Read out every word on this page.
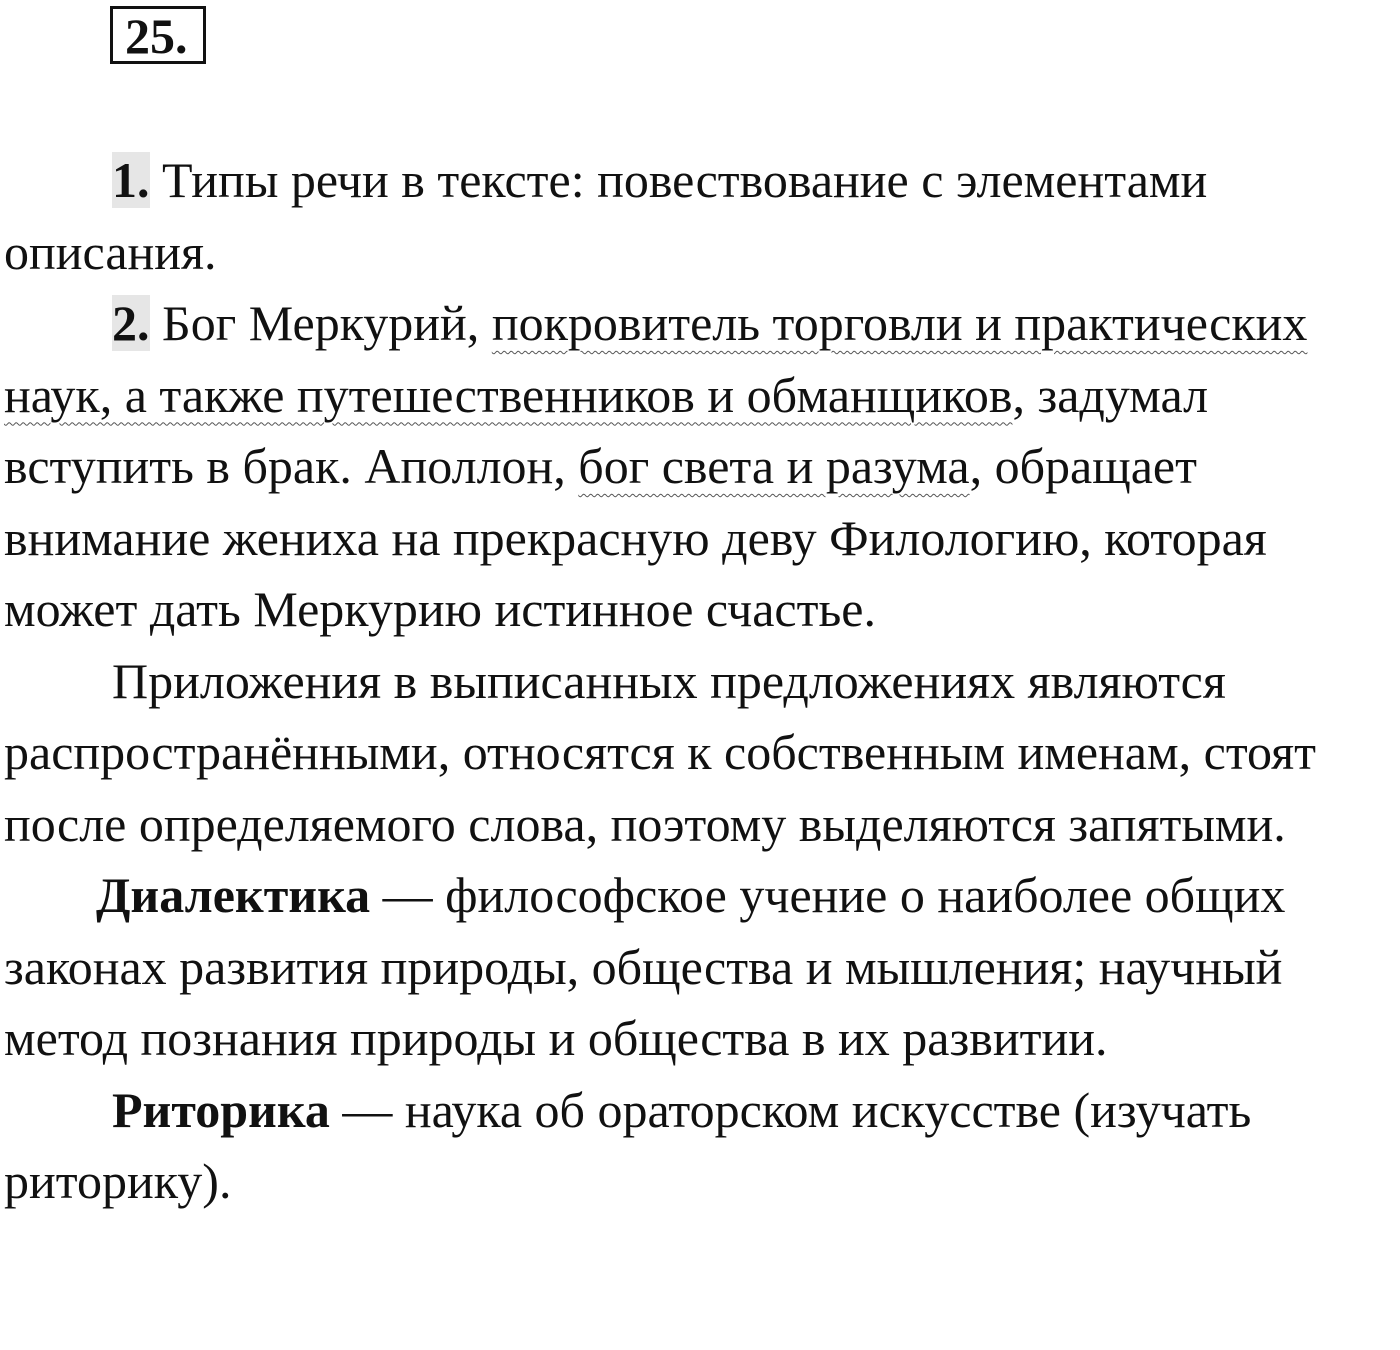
25.

1. Типы речи в тексте: повествование с элементами описания.

2. Бог Меркурий, покровитель торговли и практических наук, а также путешественников и обманщиков, задумал вступить в брак. Аполлон, бог света и разума, обращает внимание жениха на прекрасную деву Филологию, которая может дать Меркурию истинное счастье.

Приложения в выписанных предложениях являются распространёнными, относятся к собственным именам, стоят после определяемого слова, поэтому выделяются запятыми.

Диалектика — философское учение о наиболее общих законах развития природы, общества и мышления; научный метод познания природы и общества в их развитии.

Риторика — наука об ораторском искусстве (изучать риторику).
